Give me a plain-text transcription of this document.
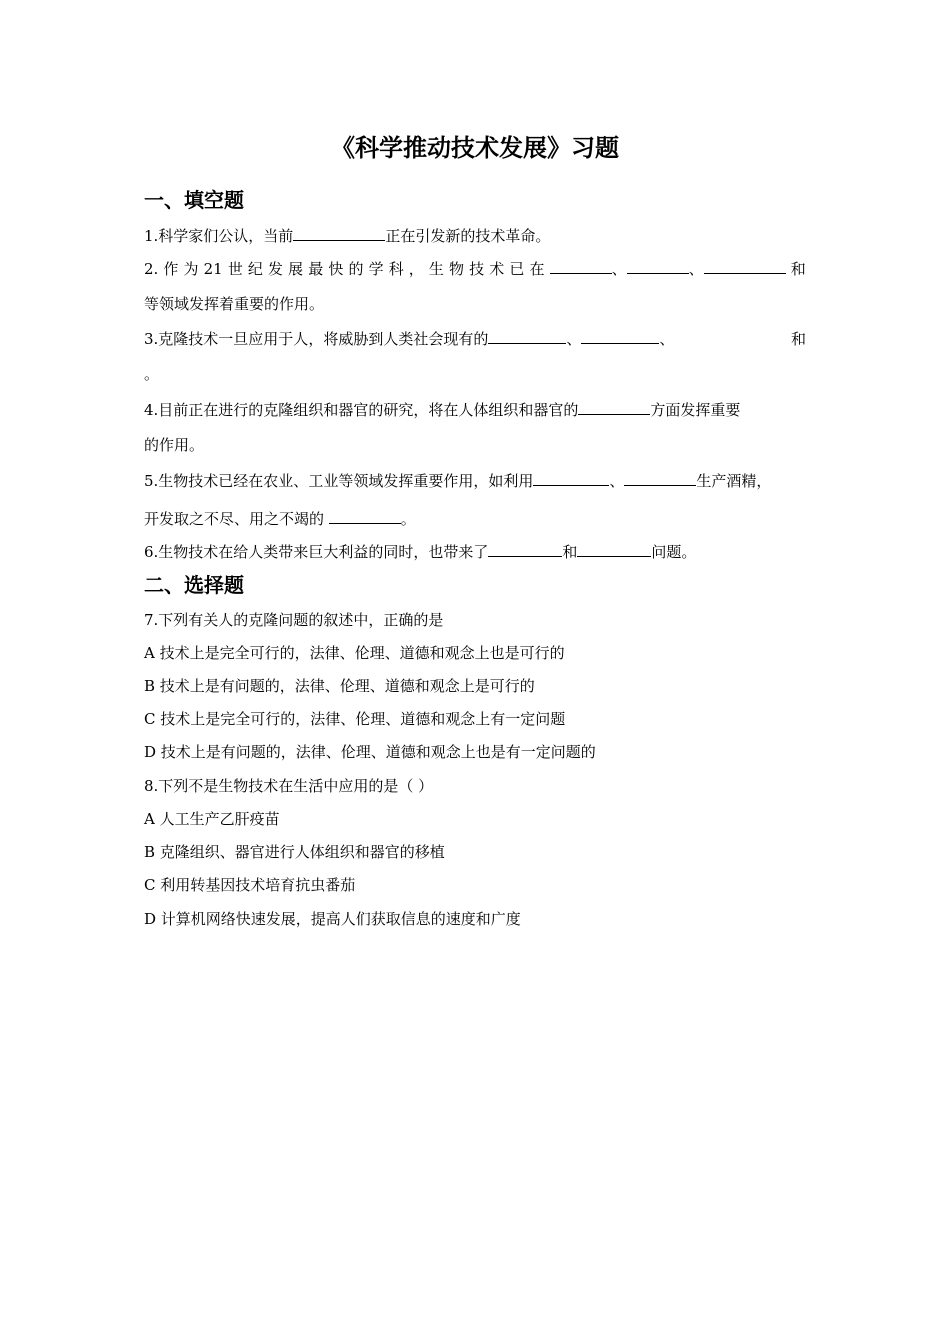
《科学推动技术发展》习题
一、填空题
1.科学家们公认，当前	正在引发新的技术革命。
2. 作 为 21 世 纪 发 展 最 快 的 学 科 ， 生 物 技 术 已 在	、	、	和
等领域发挥着重要的作用。
3.克隆技术一旦应用于人，将威胁到人类社会现有的	、	、	和
。
4.目前正在进行的克隆组织和器官的研究，将在人体组织和器官的	方面发挥重要
的作用。
5.生物技术已经在农业、工业等领域发挥重要作用，如利用	、	生产酒精，
开发取之不尽、用之不竭的	。
6.生物技术在给人类带来巨大利益的同时，也带来了	和	问题。
二、选择题
7.下列有关人的克隆问题的叙述中，正确的是
A 技术上是完全可行的，法律、伦理、道德和观念上也是可行的
B 技术上是有问题的，法律、伦理、道德和观念上是可行的
C 技术上是完全可行的，法律、伦理、道德和观念上有一定问题
D 技术上是有问题的，法律、伦理、道德和观念上也是有一定问题的
8.下列不是生物技术在生活中应用的是（ ）
A 人工生产乙肝疫苗
B 克隆组织、器官进行人体组织和器官的移植
C 利用转基因技术培育抗虫番茄
D 计算机网络快速发展，提高人们获取信息的速度和广度
